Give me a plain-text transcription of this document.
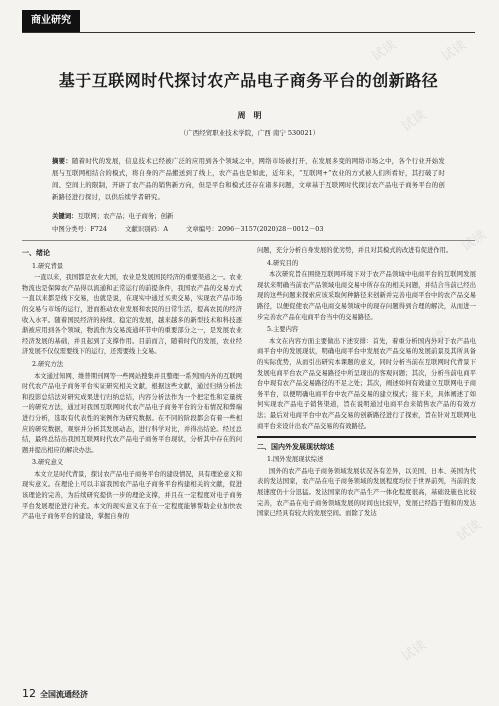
商业研究
试读	试读
试读
试读
试读
试读
试读
基于互联网时代探讨农产品电子商务平台的创新路径
周　明
（广西经贸职业技术学院，广西 南宁 530021）
摘要：随着时代的发展，信息技术已经被广泛的应用到各个领域之中，网络市场被打开，在发展多变的网络市场之中，各个行业开始发展与互联网相结合的模式，将自身的产品搬送到了线上，农产品也是如此，近年来，“互联网+”农业的方式被人们所看好，其打破了时间、空间上的限制，开辟了农产品的销售新方向，但是平台和模式还存在诸多问题，文章基于互联网时代探讨农产品电子商务平台的创新路径进行探讨，以供后续学者研究。
关键词：互联网；农产品；电子商务；创新
中图分类号：F724	文献识别码：A	文章编号：2096－3157(2020)28－0012－03
一、绪论
1.研究背景
一直以来，我国都是农业大国，农业是发展国民经济的重要渠道之一。农业物流也是保障农产品得以流通和正常运行的前提条件，我国农产品的交易方式一直以来都是线下交易，也就是说，在现实中通过买卖交易，实现农产品市场的交易与市场的运行，进而推动农业发展和农民的日常生活，提高农民的经济收入水平。随着国民经济的持续、稳定的发展，越来越多的新型技术和科技逐渐被应用到各个领域，物流作为交易流通环节中的重要部分之一，是发展农业经济发展的基础，并且起到了支撑作用。目前而言，随着时代的发展，农业经济发展不仅仅需要线下的运行，还需要线上交易。
2.研究方法
本文通过知网、维普期刊网等一些网站搜集并且整理一系列国内外的互联网时代农产品电子商务平台实证研究相关文献，根据这些文献，通过归纳分析法和投影总结法对研究成果进行归纳总结，内容分析法作为一个把定性和定量统一的研究方法，通过对我国互联网时代农产品电子商务平台的分布情况和弊端进行分析，选取有代表性的案例作为研究数据。在不同的阶段都会有着一些相应的研究数据，观察并分析其发展动态，进行科学对比，并得出结论。经过总结，最终总结出我国互联网时代农产品电子商务平台现状，分析其中存在的问题并提出相应的解决办法。
3.研究意义
本文立足时代背景，探讨农产品电子商务平台的建设情况，具有理论意义和现实意义。在理论上可以丰富我国农产品电子商务平台构建相关的文献，促进该理论的完善，为后续研究提供一步的理论支撑，并且在一定程度对电子商务平台发展理论进行补充。本文的现实意义在于在一定程度能够帮助企业加快农产品电子商务平台的建设，掌握自身的
问题，充分分析自身发展的优劣势，并且对其模式的改进有促进作用。
4.研究目的
本次研究旨在围绕互联网环境下对于农产品领域中电商平台的互联网发展现状来明确当前农产品领域电商交易中所存在的相关问题，并结合当前已经出现的这些问题来探索应该采取何种路径来创新并完善电商平台中的农产品交易路径，以便促使农产品电商交易领域中的现存问题得到合理的解决，从而进一步完善农产品在电商平台当中的交易路径。
5.主要内容
本文在内容方面主要做出下述安排：首先，着重分析国内外对于农产品电商平台中的发展现状，明确电商平台中发展农产品交易的发展前景及其所具备的实际优势，从而引出研究本课题的意义，同时分析当前在互联网时代背景下发展电商平台农产品交易路径中所呈现出的客观问题；其次，分析当前电商平台中现有农产品交易路径的不足之处；其次，阐述如何有效建立互联网电子商务平台，以便明确电商平台中农产品交易的建立模式；接下来，具体阐述了如何实现农产品电子销售渠道，旨在说明通过电商平台来销售农产品的有效方法；最后对电商平台中农产品交易的创新路径进行了探索，旨在针对互联网电商平台来设计出农产品交易的有效路径。
二、国内外发展现状综述
1.国外发展现状综述
国外的农产品电子商务领域发展状况各有差异，以美国、日本、英国为代表的发达国家，农产品在电子商务领域的发展程度均位于世界前列，当前的发展速度仍十分迅猛。发达国家的农产品生产一体化程度很高，基础设施也比较完善，农产品在电子商务领域发展的时间也比较早，发展已经趋于饱和的发达国家已经具有较大的发展空间。而除了发达
12 全国流通经济
